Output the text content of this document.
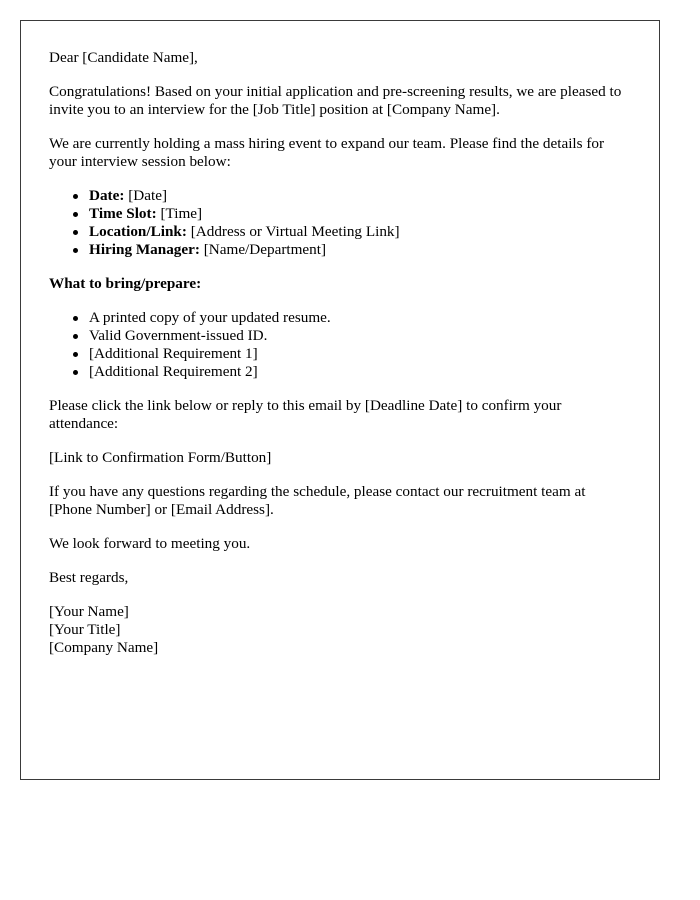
Dear [Candidate Name],

Congratulations! Based on your initial application and pre-screening results, we are pleased to invite you to an interview for the [Job Title] position at [Company Name].

We are currently holding a mass hiring event to expand our team. Please find the details for your interview session below:

Date: [Date]
Time Slot: [Time]
Location/Link: [Address or Virtual Meeting Link]
Hiring Manager: [Name/Department]

What to bring/prepare:

A printed copy of your updated resume.
Valid Government-issued ID.
[Additional Requirement 1]
[Additional Requirement 2]

Please click the link below or reply to this email by [Deadline Date] to confirm your attendance:

[Link to Confirmation Form/Button]

If you have any questions regarding the schedule, please contact our recruitment team at [Phone Number] or [Email Address].

We look forward to meeting you.

Best regards,

[Your Name]
[Your Title]
[Company Name]
